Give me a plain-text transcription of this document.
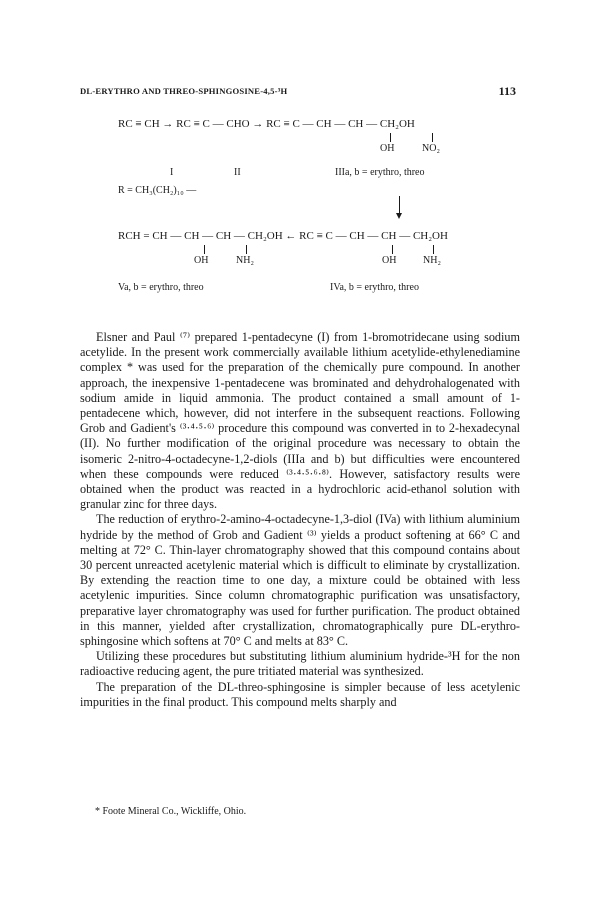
DL-ERYTHRO AND THREO-SPHINGOSINE-4,5-³H	113
RC ≡ CH → RC ≡ C — CHO → RC ≡ C — CH — CH — CH₂OH
OH	NO₂
I	II	IIIa, b = erythro, threo
R = CH₃(CH₂)₁₀ —
RCH = CH — CH — CH — CH₂OH ← RC ≡ C — CH — CH — CH₂OH
OH	NH₂	OH	NH₂
Va, b = erythro, threo	IVa, b = erythro, threo

Elsner and Paul ⁽⁷⁾ prepared 1-pentadecyne (I) from 1-bromotridecane using sodium acetylide. In the present work commercially available lithium acetylide-ethylenediamine complex * was used for the preparation of the chemically pure compound. In another approach, the inexpensive 1-pentadecene was brominated and dehydrohalogenated with sodium amide in liquid ammonia. The product contained a small amount of 1-pentadecene which, however, did not interfere in the subsequent reactions. Following Grob and Gadient's ⁽³·⁴·⁵·⁶⁾ procedure this compound was converted in to 2-hexadecynal (II). No further modification of the original procedure was necessary to obtain the isomeric 2-nitro-4-octadecyne-1,2-diols (IIIa and b) but difficulties were encountered when these compounds were reduced ⁽³·⁴·⁵·⁶·⁸⁾. However, satisfactory results were obtained when the product was reacted in a hydrochloric acid-ethanol solution with granular zinc for three days.

The reduction of erythro-2-amino-4-octadecyne-1,3-diol (IVa) with lithium aluminium hydride by the method of Grob and Gadient ⁽³⁾ yields a product softening at 66° C and melting at 72° C. Thin-layer chromatography showed that this compound contains about 30 percent unreacted acetylenic material which is difficult to eliminate by crystallization. By extending the reaction time to one day, a mixture could be obtained with less acetylenic impurities. Since column chromatographic purification was unsatisfactory, preparative layer chromatography was used for further purification. The product obtained in this manner, yielded after crystallization, chromatographically pure DL-erythro-sphingosine which softens at 70° C and melts at 83° C.

Utilizing these procedures but substituting lithium aluminium hydride-³H for the non radioactive reducing agent, the pure tritiated material was synthesized.

The preparation of the DL-threo-sphingosine is simpler because of less acetylenic impurities in the final product. This compound melts sharply and

* Foote Mineral Co., Wickliffe, Ohio.
